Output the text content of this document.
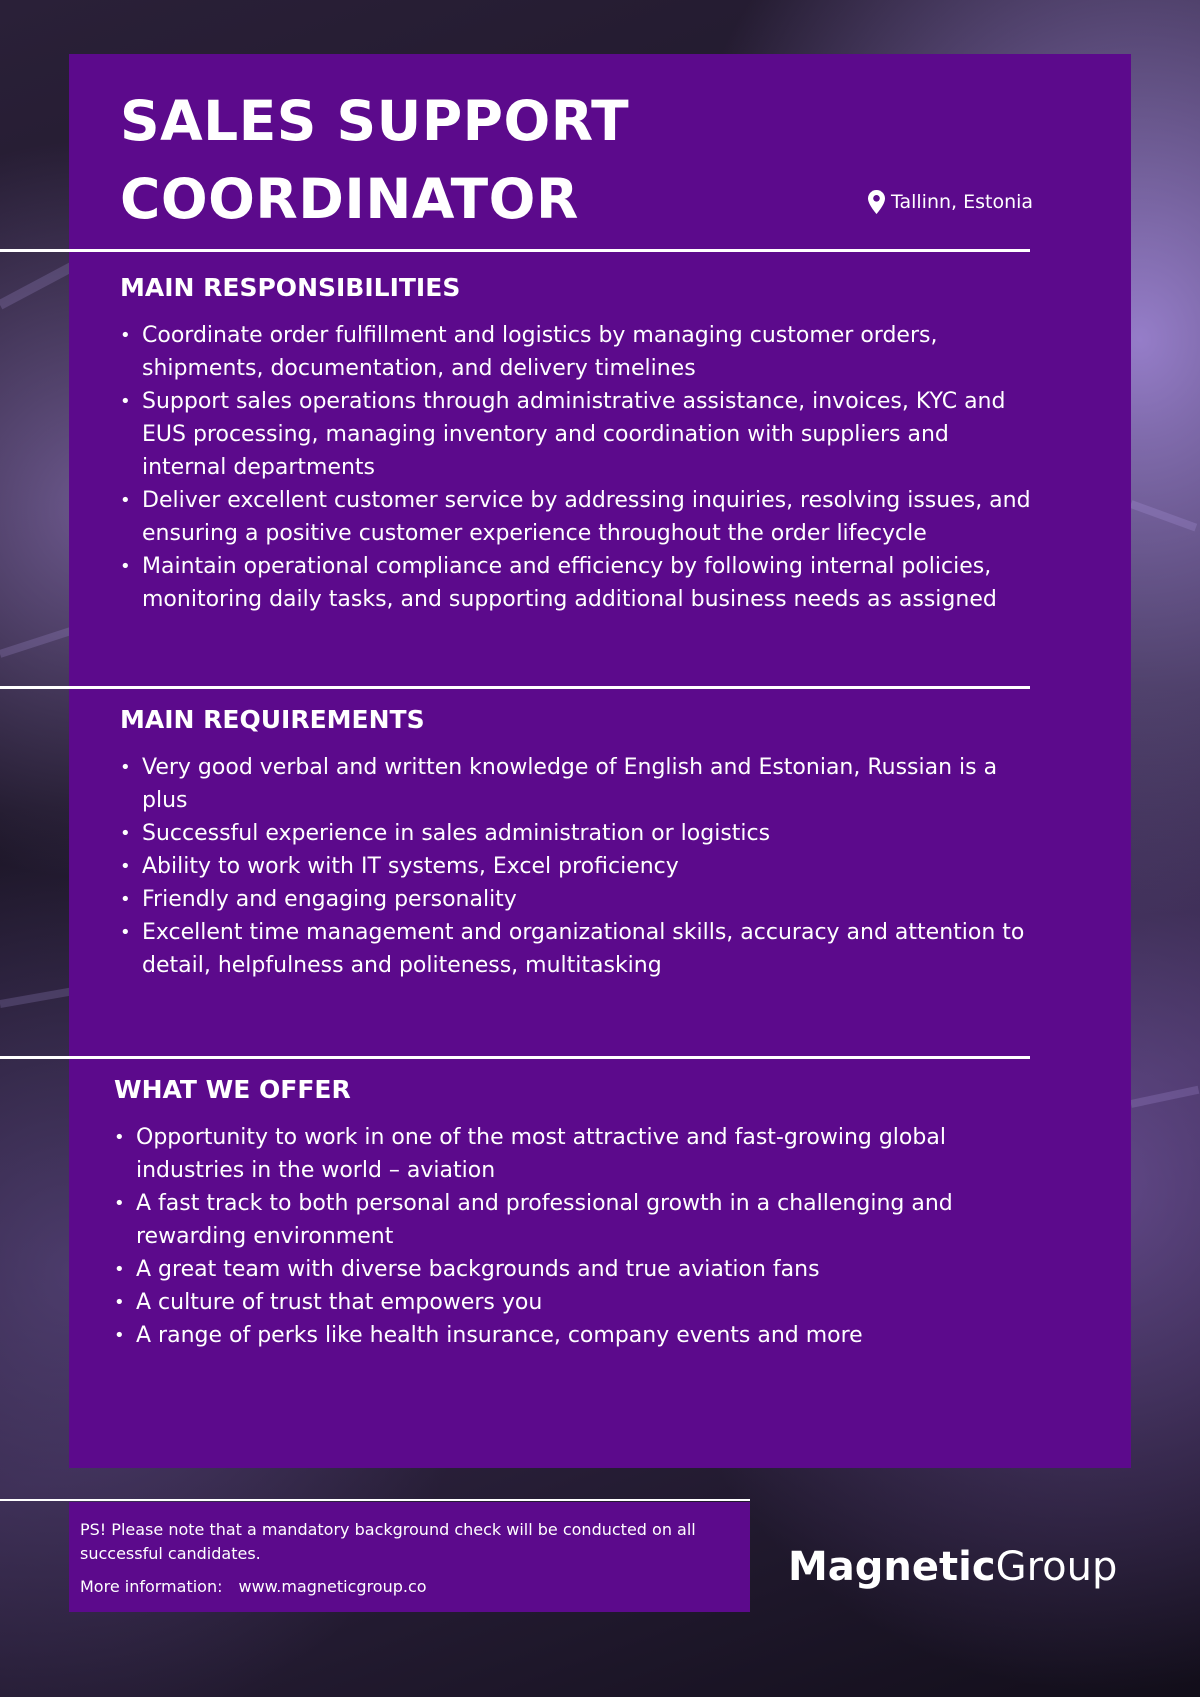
SALES SUPPORT
COORDINATOR	Tallinn, Estonia
MAIN RESPONSIBILITIES
• Coordinate order fulfillment and logistics by managing customer orders, shipments, documentation, and delivery timelines
• Support sales operations through administrative assistance, invoices, KYC and EUS processing, managing inventory and coordination with suppliers and internal departments
• Deliver excellent customer service by addressing inquiries, resolving issues, and ensuring a positive customer experience throughout the order lifecycle
• Maintain operational compliance and efficiency by following internal policies, monitoring daily tasks, and supporting additional business needs as assigned
MAIN REQUIREMENTS
• Very good verbal and written knowledge of English and Estonian, Russian is a plus
• Successful experience in sales administration or logistics
• Ability to work with IT systems, Excel proficiency
• Friendly and engaging personality
• Excellent time management and organizational skills, accuracy and attention to detail, helpfulness and politeness, multitasking
WHAT WE OFFER
• Opportunity to work in one of the most attractive and fast-growing global industries in the world – aviation
• A fast track to both personal and professional growth in a challenging and rewarding environment
• A great team with diverse backgrounds and true aviation fans
• A culture of trust that empowers you
• A range of perks like health insurance, company events and more
PS! Please note that a mandatory background check will be conducted on all successful candidates.
More information: www.magneticgroup.co	MagneticGroup
